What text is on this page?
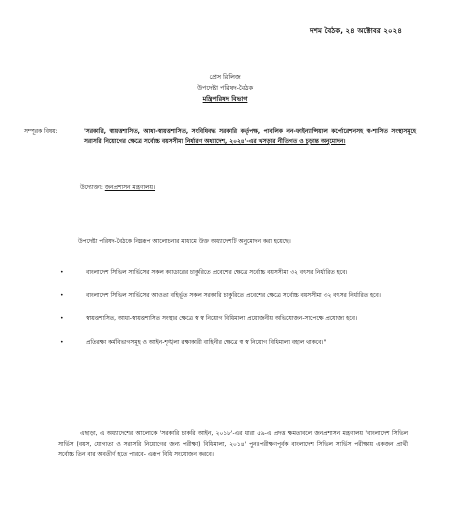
দশম বৈঠক, ২৪ অক্টোবর ২০২৪
প্রেস রিলিজ
উপদেষ্টা পরিষদ-বৈঠক
মন্ত্রিপরিষদ বিভাগ
সম্পূরক বিষয়:	'সরকারি, স্বায়ত্তশাসিত, আধা-স্বায়ত্তশাসিত, সংবিধিবদ্ধ সরকারি কর্তৃপক্ষ, পাবলিক নন-ফাইন্যান্সিয়াল কর্পোরেশনসহ স্ব-শাসিত সংস্থাসমূহে সরাসরি নিয়োগের ক্ষেত্রে সর্বোচ্চ বয়সসীমা নির্ধারণ অধ্যাদেশ, ২০২৪'-এর খসড়ার নীতিগত ও চূড়ান্ত অনুমোদন।
উদ্যোক্তা: জনপ্রশাসন মন্ত্রণালয়।
উপদেষ্টা পরিষদ-বৈঠকে নিম্নরূপ আলোচনার মাধ্যমে উক্ত অধ্যাদেশটি অনুমোদন করা হয়েছে।
•	বাংলাদেশ সিভিল সার্ভিসের সকল ক্যাডারের চাকুরিতে প্রবেশের ক্ষেত্রে সর্বোচ্চ বয়সসীমা ৩২ বৎসর নির্ধারিত হবে।
•	বাংলাদেশ সিভিল সার্ভিসের আওতা বহির্ভূত সকল সরকারি চাকুরিতে প্রবেশের ক্ষেত্রে সর্বোচ্চ বয়সসীমা ৩২ বৎসর নির্ধারিত হবে।
•	স্বায়ত্তশাসিত, আধা-স্বায়ত্তশাসিত সংস্থার ক্ষেত্রে স্ব স্ব নিয়োগ বিধিমালা প্রয়োজনীয় অভিযোজন-সাপেক্ষে প্রযোজ্য হবে।
•	প্রতিরক্ষা কর্মবিভাগসমূহ ও আইন-শৃঙ্খলা রক্ষাকারী বাহিনীর ক্ষেত্রে স্ব স্ব নিয়োগ বিধিমালা বহাল থাকবে।"
এছাড়া, এ অধ্যাদেশের আলোকে 'সরকারি চাকরি আইন, ২০১৮'-এর ধারা ৫৯-এ প্রদত্ত ক্ষমতাবলে জনপ্রশাসন মন্ত্রণালয় 'বাংলাদেশ সিভিল সার্ভিস (বয়স, যোগ্যতা ও সরাসরি নিয়োগের জন্য পরীক্ষা) বিধিমালা, ২০১৪' পুনঃপরীক্ষণপূর্বক বাংলাদেশ সিভিল সার্ভিস পরীক্ষায় একজন প্রার্থী সর্বোচ্চ তিন বার অবতীর্ণ হতে পারবে- এরূপ বিধি সংযোজন করবে।
